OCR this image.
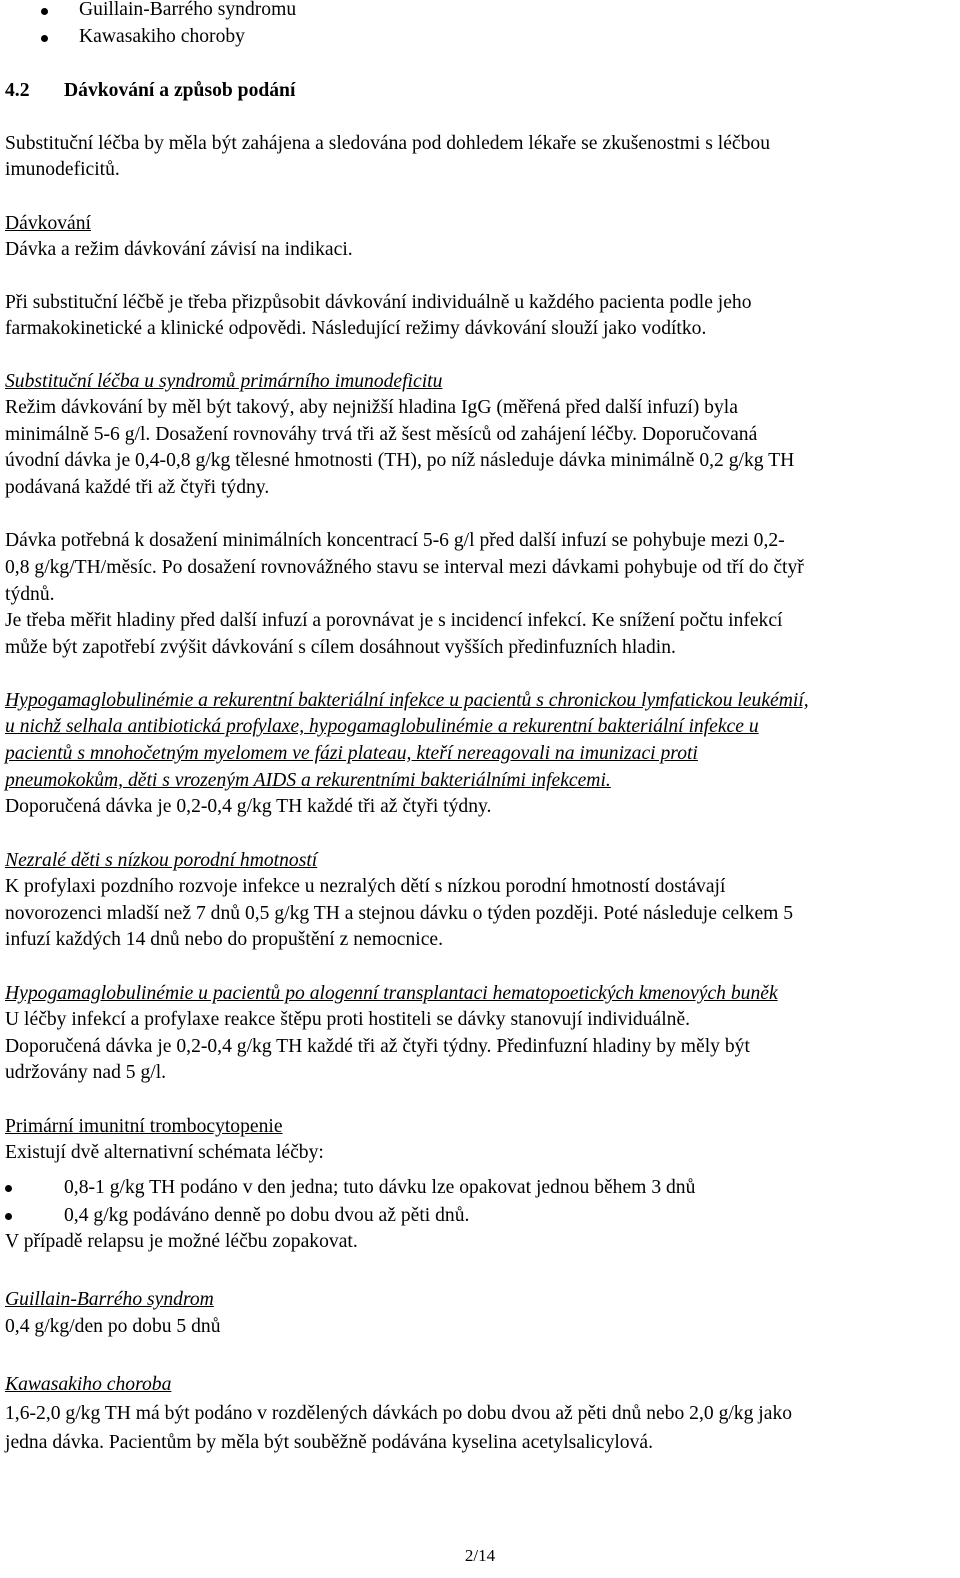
Guillain-Barrého syndromu
Kawasakiho choroby
4.2 Dávkování a způsob podání
Substituční léčba by měla být zahájena a sledována pod dohledem lékaře se zkušenostmi s léčbou
imunodeficitů.
Dávkování
Dávka a režim dávkování závisí na indikaci.
Při substituční léčbě je třeba přizpůsobit dávkování individuálně u každého pacienta podle jeho
farmakokinetické a klinické odpovědi. Následující režimy dávkování slouží jako vodítko.
Substituční léčba u syndromů primárního imunodeficitu
Režim dávkování by měl být takový, aby nejnižší hladina IgG (měřená před další infuzí) byla
minimálně 5-6 g/l. Dosažení rovnováhy trvá tři až šest měsíců od zahájení léčby. Doporučovaná
úvodní dávka je 0,4-0,8 g/kg tělesné hmotnosti (TH), po níž následuje dávka minimálně 0,2 g/kg TH
podávaná každé tři až čtyři týdny.
Dávka potřebná k dosažení minimálních koncentrací 5-6 g/l před další infuzí se pohybuje mezi 0,2-
0,8 g/kg/TH/měsíc. Po dosažení rovnovážného stavu se interval mezi dávkami pohybuje od tří do čtyř
týdnů.
Je třeba měřit hladiny před další infuzí a porovnávat je s incidencí infekcí. Ke snížení počtu infekcí
může být zapotřebí zvýšit dávkování s cílem dosáhnout vyšších předinfuzních hladin.
Hypogamaglobulinémie a rekurentní bakteriální infekce u pacientů s chronickou lymfatickou leukémií,
u nichž selhala antibiotická profylaxe, hypogamaglobulinémie a rekurentní bakteriální infekce u
pacientů s mnohočetným myelomem ve fázi plateau, kteří nereagovali na imunizaci proti
pneumokokům, děti s vrozeným AIDS a rekurentními bakteriálními infekcemi.
Doporučená dávka je 0,2-0,4 g/kg TH každé tři až čtyři týdny.
Nezralé děti s nízkou porodní hmotností
K profylaxi pozdního rozvoje infekce u nezralých dětí s nízkou porodní hmotností dostávají
novorozenci mladší než 7 dnů 0,5 g/kg TH a stejnou dávku o týden později. Poté následuje celkem 5
infuzí každých 14 dnů nebo do propuštění z nemocnice.
Hypogamaglobulinémie u pacientů po alogenní transplantaci hematopoetických kmenových buněk
U léčby infekcí a profylaxe reakce štěpu proti hostiteli se dávky stanovují individuálně.
Doporučená dávka je 0,2-0,4 g/kg TH každé tři až čtyři týdny. Předinfuzní hladiny by měly být
udržovány nad 5 g/l.
Primární imunitní trombocytopenie
Existují dvě alternativní schémata léčby:
0,8-1 g/kg TH podáno v den jedna; tuto dávku lze opakovat jednou během 3 dnů
0,4 g/kg podáváno denně po dobu dvou až pěti dnů.
V případě relapsu je možné léčbu zopakovat.
Guillain-Barrého syndrom
0,4 g/kg/den po dobu 5 dnů
Kawasakiho choroba
1,6-2,0 g/kg TH má být podáno v rozdělených dávkách po dobu dvou až pěti dnů nebo 2,0 g/kg jako
jedna dávka. Pacientům by měla být souběžně podávána kyselina acetylsalicylová.
2/14
